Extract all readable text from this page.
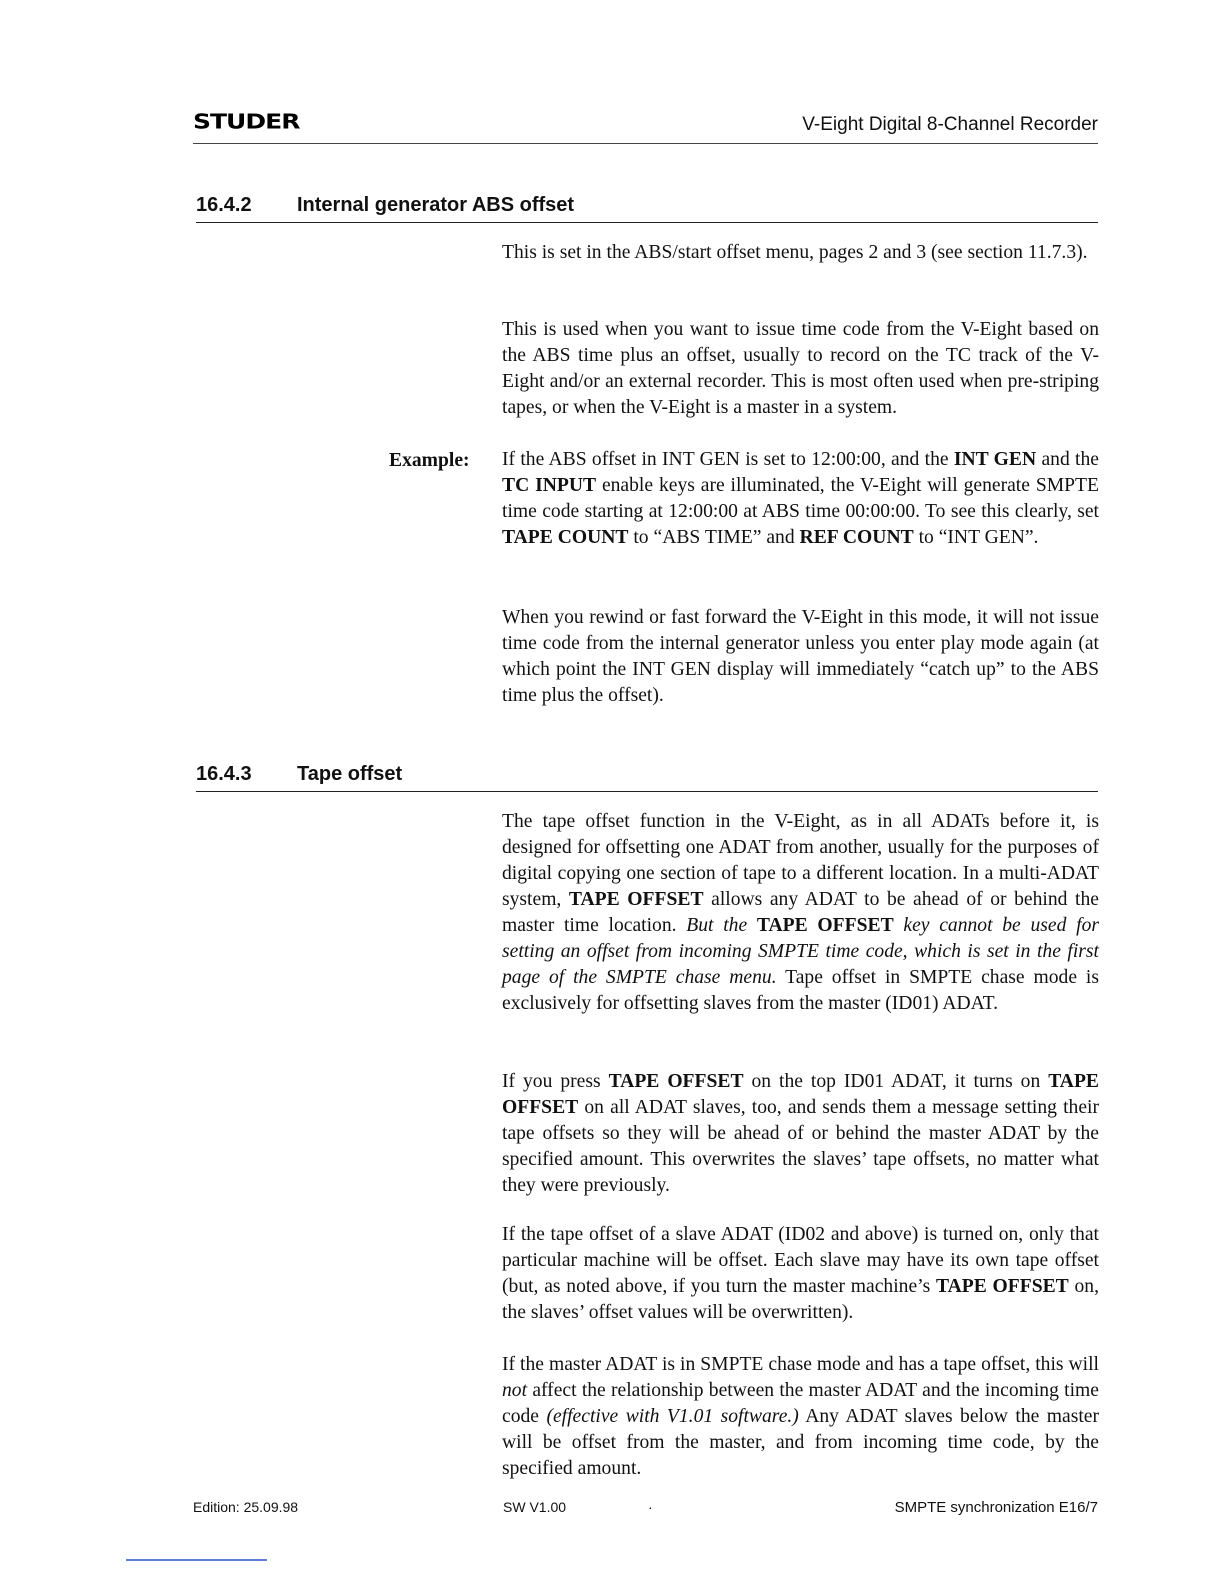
STUDER	V-Eight Digital 8-Channel Recorder
16.4.2 Internal generator ABS offset

This is set in the ABS/start offset menu, pages 2 and 3 (see section 11.7.3).

This is used when you want to issue time code from the V-Eight based on the ABS time plus an offset, usually to record on the TC track of the V-Eight and/or an external recorder. This is most often used when pre-striping tapes, or when the V-Eight is a master in a system.

Example: If the ABS offset in INT GEN is set to 12:00:00, and the INT GEN and the TC INPUT enable keys are illuminated, the V-Eight will generate SMPTE time code starting at 12:00:00 at ABS time 00:00:00. To see this clearly, set TAPE COUNT to “ABS TIME” and REF COUNT to “INT GEN”.

When you rewind or fast forward the V-Eight in this mode, it will not issue time code from the internal generator unless you enter play mode again (at which point the INT GEN display will immediately “catch up” to the ABS time plus the offset).

16.4.3 Tape offset

The tape offset function in the V-Eight, as in all ADATs before it, is designed for offsetting one ADAT from another, usually for the purposes of digital copying one section of tape to a different location. In a multi-ADAT system, TAPE OFFSET allows any ADAT to be ahead of or behind the master time location. But the TAPE OFFSET key cannot be used for setting an offset from incoming SMPTE time code, which is set in the first page of the SMPTE chase menu. Tape offset in SMPTE chase mode is exclusively for offsetting slaves from the master (ID01) ADAT.

If you press TAPE OFFSET on the top ID01 ADAT, it turns on TAPE OFFSET on all ADAT slaves, too, and sends them a message setting their tape offsets so they will be ahead of or behind the master ADAT by the specified amount. This overwrites the slaves’ tape offsets, no matter what they were previously.

If the tape offset of a slave ADAT (ID02 and above) is turned on, only that particular machine will be offset. Each slave may have its own tape offset (but, as noted above, if you turn the master machine’s TAPE OFFSET on, the slaves’ offset values will be overwritten).

If the master ADAT is in SMPTE chase mode and has a tape offset, this will not affect the relationship between the master ADAT and the incoming time code (effective with V1.01 software.) Any ADAT slaves below the master will be offset from the master, and from incoming time code, by the specified amount.

Edition: 25.09.98	SW V1.00	·	SMPTE synchronization E16/7
